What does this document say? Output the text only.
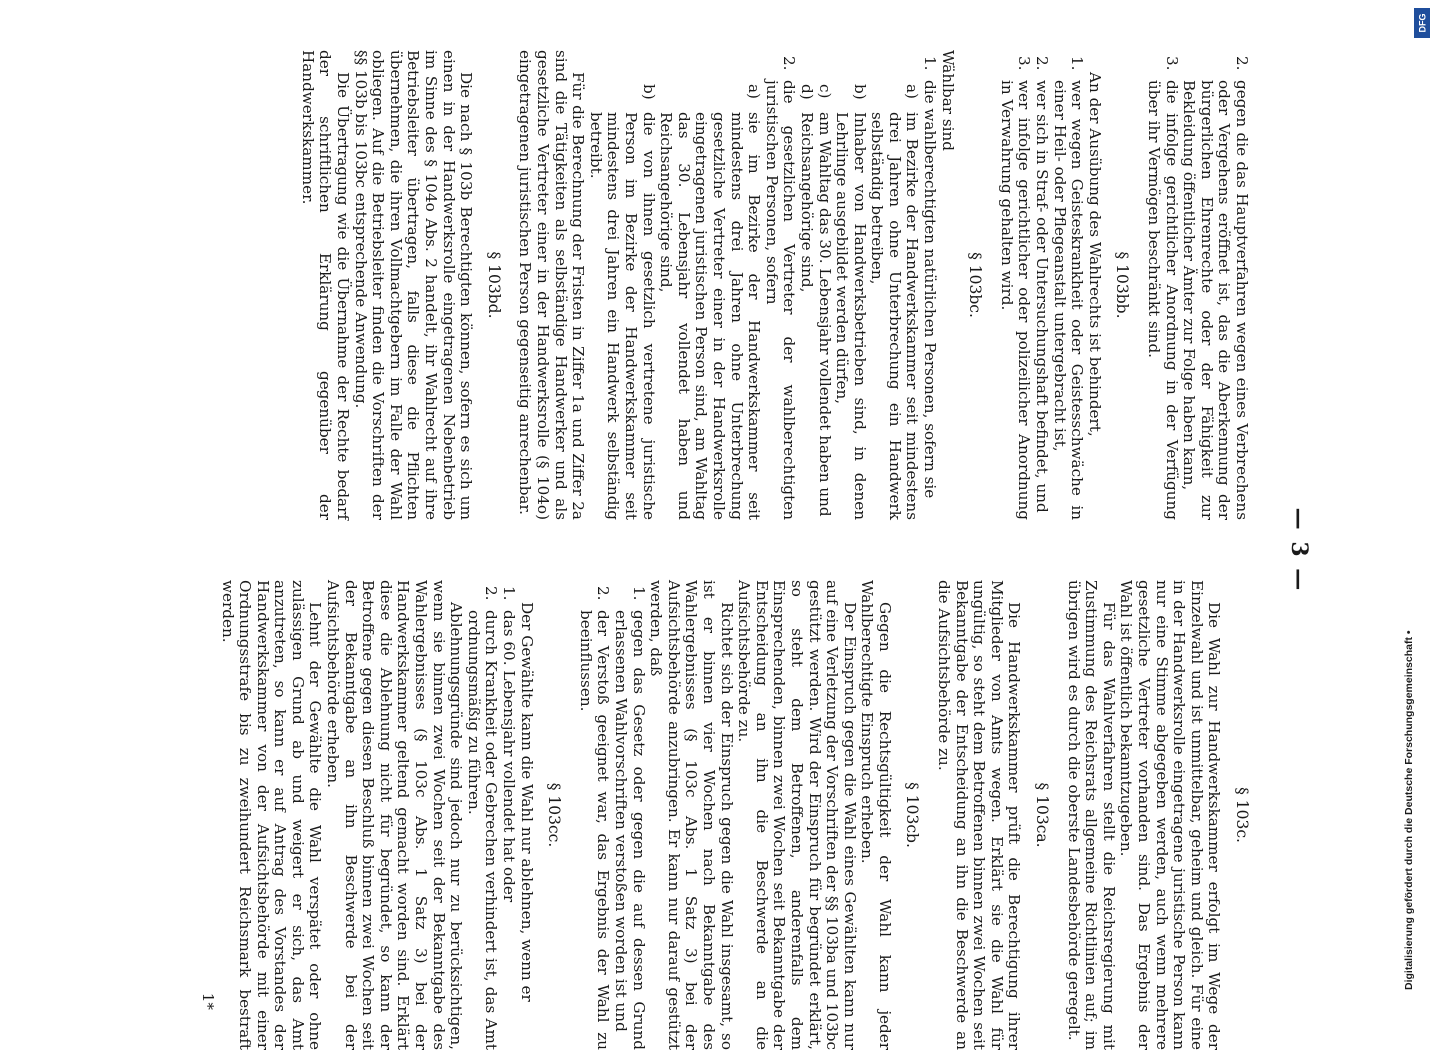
— 3 —
2.

gegen die das Hauptverfahren wegen eines Verbrechens oder Vergehens eröffnet ist, das die Aberkennung der bürgerlichen Ehrenrechte oder der Fähigkeit zur Bekleidung öffentlicher Ämter zur Folge haben kann,

3.

die infolge gerichtlicher Anordnung in der Verfügung über ihr Vermögen beschränkt sind.

§ 103bb.

An der Ausübung des Wahlrechts ist behindert,

1.

wer wegen Geisteskrankheit oder Geistesschwäche in einer Heil- oder Pflegeanstalt untergebracht ist,

2.

wer sich in Straf- oder Untersuchungshaft befindet, und

3.

wer infolge gerichtlicher oder polizeilicher Anordnung in Verwahrung gehalten wird.

§ 103bc.

Wählbar sind

1.

die wahlberechtigten natürlichen Personen, sofern sie

a)

im Bezirke der Handwerkskammer seit mindestens drei Jahren ohne Unterbrechung ein Handwerk selbständig betreiben,

b)

Inhaber von Handwerksbetrieben sind, in denen Lehrlinge ausgebildet werden dürfen,

c)

am Wahltag das 30. Lebensjahr vollendet haben und

d)

Reichsangehörige sind,

2.

die gesetzlichen Vertreter der wahlberechtigten juristischen Personen, sofern

a)

sie im Bezirke der Handwerkskammer seit mindestens drei Jahren ohne Unterbrechung gesetzliche Vertreter einer in der Handwerksrolle eingetragenen juristischen Person sind, am Wahltag das 30. Lebensjahr vollendet haben und Reichsangehörige sind,

b)

die von ihnen gesetzlich vertretene juristische Person im Bezirke der Handwerkskammer seit mindestens drei Jahren ein Handwerk selbständig betreibt.

Für die Berechnung der Fristen in Ziffer 1a und Ziffer 2a sind die Tätigkeiten als selbständige Handwerker und als gesetzliche Vertreter einer in der Handwerksrolle (§ 104o) eingetragenen juristischen Person gegenseitig anrechenbar.

§ 103bd.

Die nach § 103b Berechtigten können, sofern es sich um einen in der Handwerksrolle eingetragenen Nebenbetrieb im Sinne des § 104o Abs. 2 handelt, ihr Wahlrecht auf ihre Betriebsleiter übertragen, falls diese die Pflichten übernehmen, die ihren Vollmachtgebern im Falle der Wahl obliegen. Auf die Betriebsleiter finden die Vorschriften der §§ 103b bis 103bc entsprechende Anwendung.

Die Übertragung wie die Übernahme der Rechte bedarf der schriftlichen Erklärung gegenüber der Handwerkskammer.

§ 103c.

Die Wahl zur Handwerkskammer erfolgt im Wege der Einzelwahl und ist unmittelbar, geheim und gleich. Für eine in der Handwerksrolle eingetragene juristische Person kann nur eine Stimme abgegeben werden, auch wenn mehrere gesetzliche Vertreter vorhanden sind. Das Ergebnis der Wahl ist öffentlich bekanntzugeben.

Für das Wahlverfahren stellt die Reichsregierung mit Zustimmung des Reichsrats allgemeine Richtlinien auf; im übrigen wird es durch die oberste Landesbehörde geregelt.

§ 103ca.

Die Handwerkskammer prüft die Berechtigung ihrer Mitglieder von Amts wegen. Erklärt sie die Wahl für ungültig, so steht dem Betroffenen binnen zwei Wochen seit Bekanntgabe der Entscheidung an ihn die Beschwerde an die Aufsichtsbehörde zu.

§ 103cb.

Gegen die Rechtsgültigkeit der Wahl kann jeder Wahlberechtigte Einspruch erheben.

Der Einspruch gegen die Wahl eines Gewählten kann nur auf eine Verletzung der Vorschriften der §§ 103ba und 103bc gestützt werden. Wird der Einspruch für begründet erklärt, so steht dem Betroffenen, anderenfalls dem Einsprechenden, binnen zwei Wochen seit Bekanntgabe der Entscheidung an ihn die Beschwerde an die Aufsichtsbehörde zu.

Richtet sich der Einspruch gegen die Wahl insgesamt, so ist er binnen vier Wochen nach Bekanntgabe des Wahlergebnisses (§ 103c Abs. 1 Satz 3) bei der Aufsichtsbehörde anzubringen. Er kann nur darauf gestützt werden, daß

1.

gegen das Gesetz oder gegen die auf dessen Grund erlassenen Wahlvorschriften verstoßen worden ist und

2.

der Verstoß geeignet war, das Ergebnis der Wahl zu beeinflussen.

§ 103cc.

Der Gewählte kann die Wahl nur ablehnen, wenn er

1.

das 60. Lebensjahr vollendet hat oder

2.

durch Krankheit oder Gebrechen verhindert ist, das Amt ordnungsmäßig zu führen.

Ablehnungsgründe sind jedoch nur zu berücksichtigen, wenn sie binnen zwei Wochen seit der Bekanntgabe des Wahlergebnisses (§ 103c Abs. 1 Satz 3) bei der Handwerkskammer geltend gemacht worden sind. Erklärt diese die Ablehnung nicht für begründet, so kann der Betroffene gegen diesen Beschluß binnen zwei Wochen seit der Bekanntgabe an ihn Beschwerde bei der Aufsichtsbehörde erheben.

Lehnt der Gewählte die Wahl verspätet oder ohne zulässigen Grund ab und weigert er sich, das Amt anzutreten, so kann er auf Antrag des Vorstandes der Handwerkskammer von der Aufsichtsbehörde mit einer Ordnungsstrafe bis zu zweihundert Reichsmark bestraft werden.

1*

Digitalisierung gefördert durch die Deutsche Forschungsgemeinschaft •
DFG
